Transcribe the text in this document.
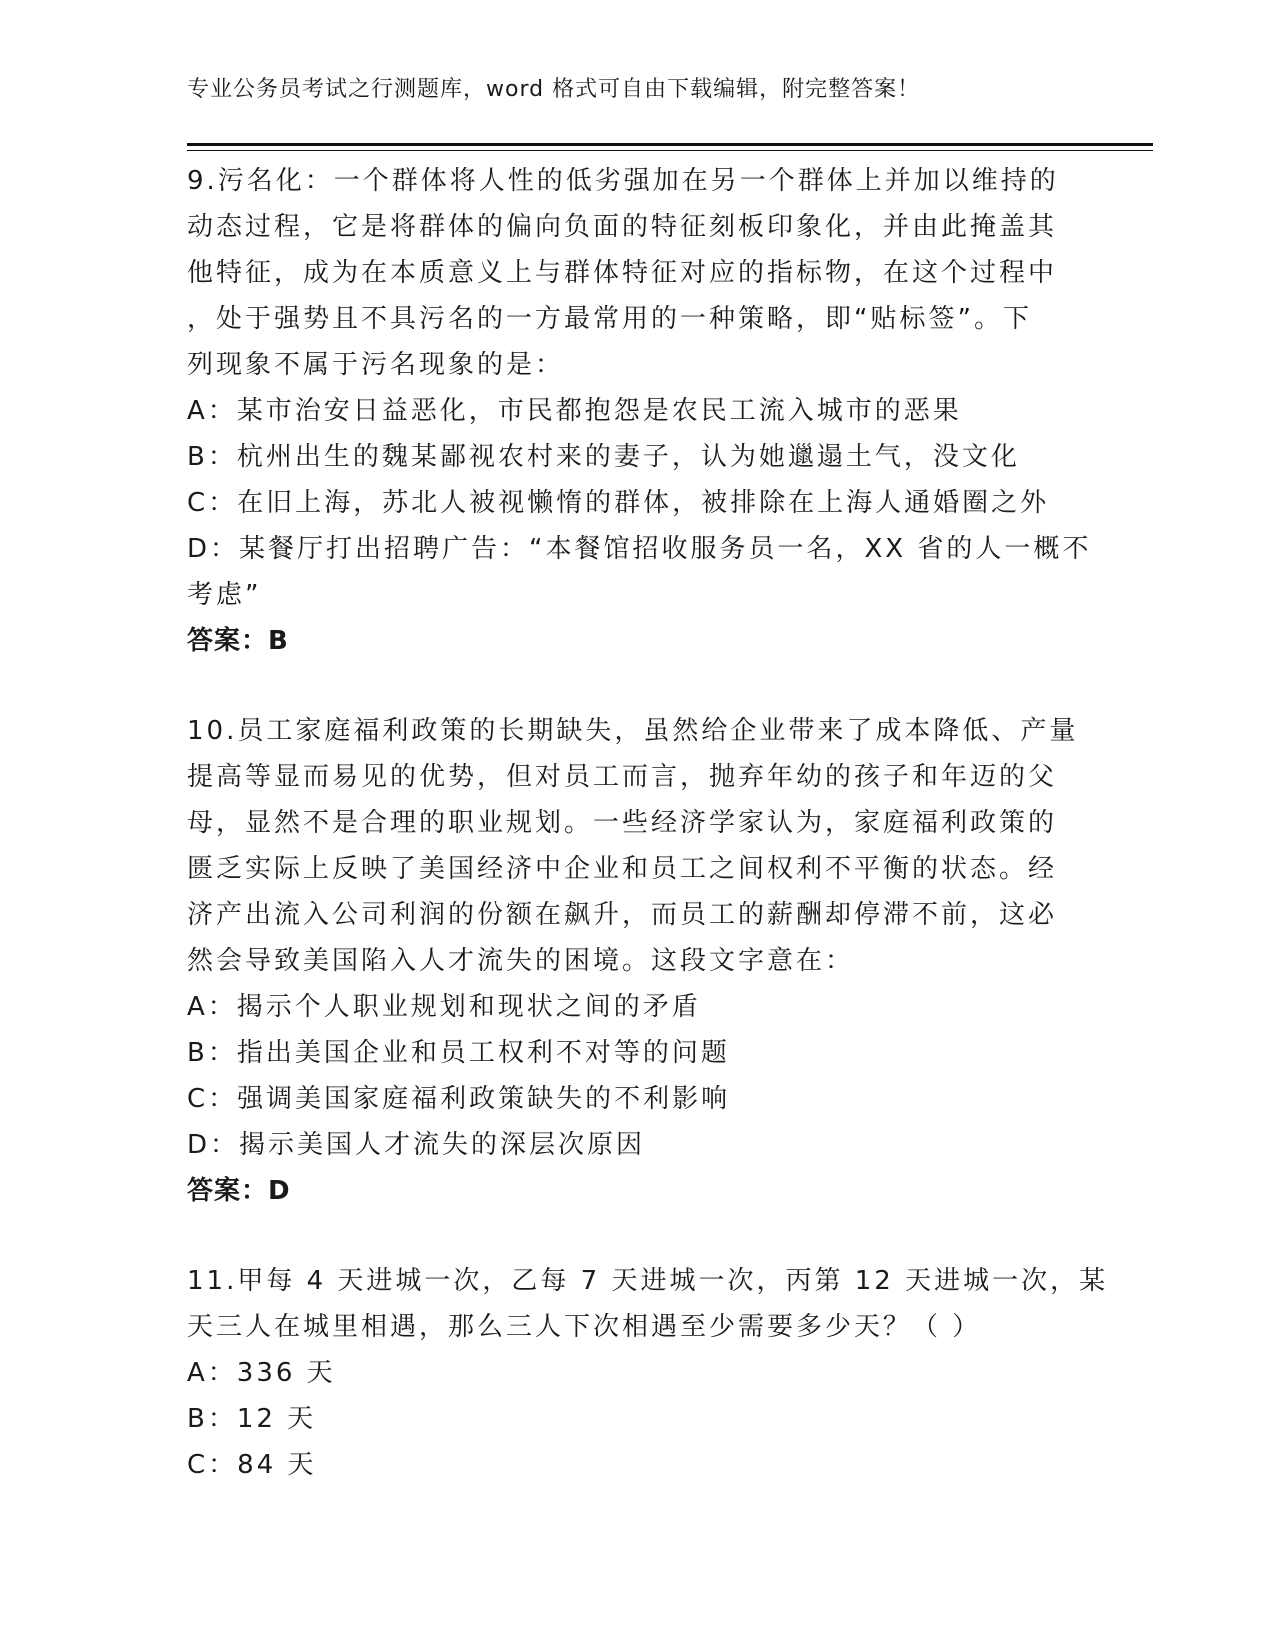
专业公务员考试之行测题库，word 格式可自由下载编辑，附完整答案！
9.污名化：一个群体将人性的低劣强加在另一个群体上并加以维持的
动态过程，它是将群体的偏向负面的特征刻板印象化，并由此掩盖其
他特征，成为在本质意义上与群体特征对应的指标物，在这个过程中
，处于强势且不具污名的一方最常用的一种策略，即“贴标签”。下
列现象不属于污名现象的是：
A：某市治安日益恶化，市民都抱怨是农民工流入城市的恶果
B：杭州出生的魏某鄙视农村来的妻子，认为她邋遢土气，没文化
C：在旧上海，苏北人被视懒惰的群体，被排除在上海人通婚圈之外
D：某餐厅打出招聘广告：“本餐馆招收服务员一名，XX 省的人一概不
考虑”
答案：B
10.员工家庭福利政策的长期缺失，虽然给企业带来了成本降低、产量
提高等显而易见的优势，但对员工而言，抛弃年幼的孩子和年迈的父
母，显然不是合理的职业规划。一些经济学家认为，家庭福利政策的
匮乏实际上反映了美国经济中企业和员工之间权利不平衡的状态。经
济产出流入公司利润的份额在飙升，而员工的薪酬却停滞不前，这必
然会导致美国陷入人才流失的困境。这段文字意在：
A：揭示个人职业规划和现状之间的矛盾
B：指出美国企业和员工权利不对等的问题
C：强调美国家庭福利政策缺失的不利影响
D：揭示美国人才流失的深层次原因
答案：D
11.甲每 4 天进城一次，乙每 7 天进城一次，丙第 12 天进城一次，某
天三人在城里相遇，那么三人下次相遇至少需要多少天？（ ）
A：336 天
B：12 天
C：84 天
